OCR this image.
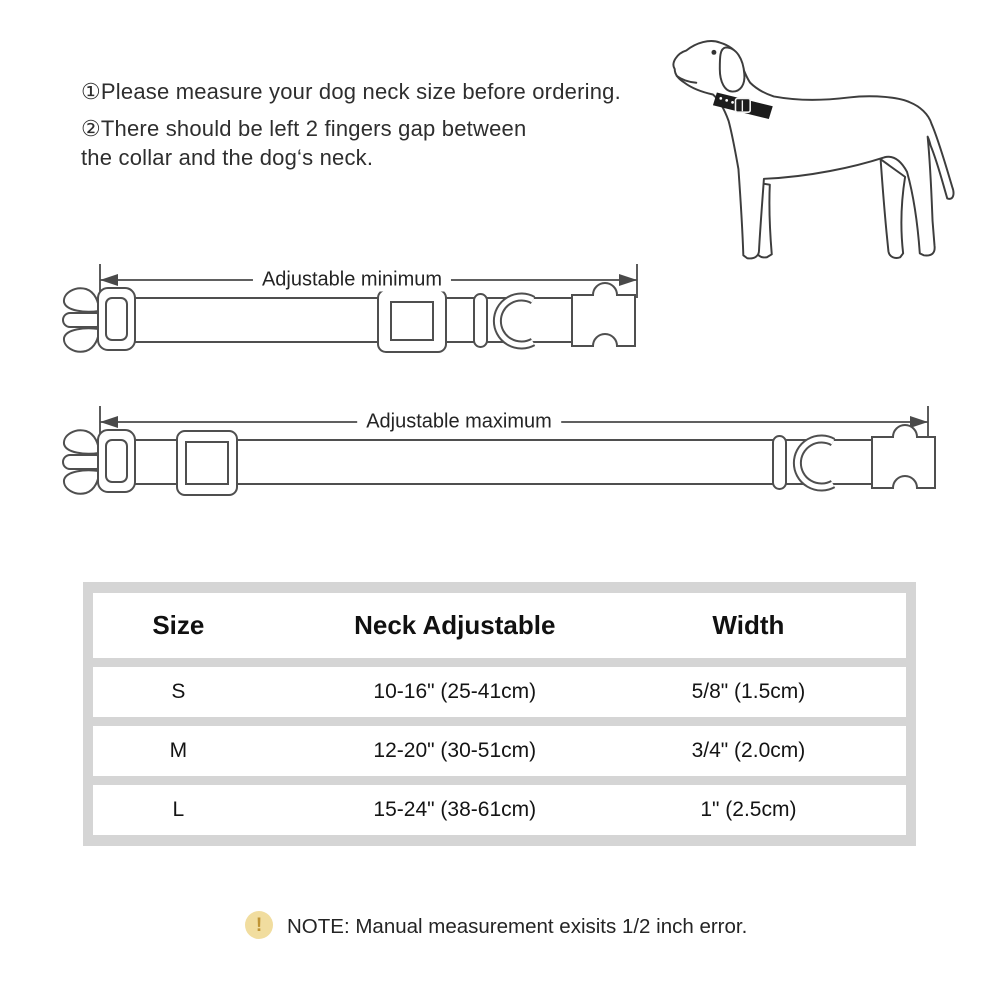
①Please measure your dog neck size before ordering.
②There should be left 2 fingers gap between
the collar and the dog‘s neck.
Adjustable minimum
Adjustable maximum
Size	Neck Adjustable	Width
S	10-16" (25-41cm)	5/8" (1.5cm)
M	12-20" (30-51cm)	3/4" (2.0cm)
L	15-24" (38-61cm)	1" (2.5cm)
! NOTE: Manual measurement exisits 1/2 inch error.
